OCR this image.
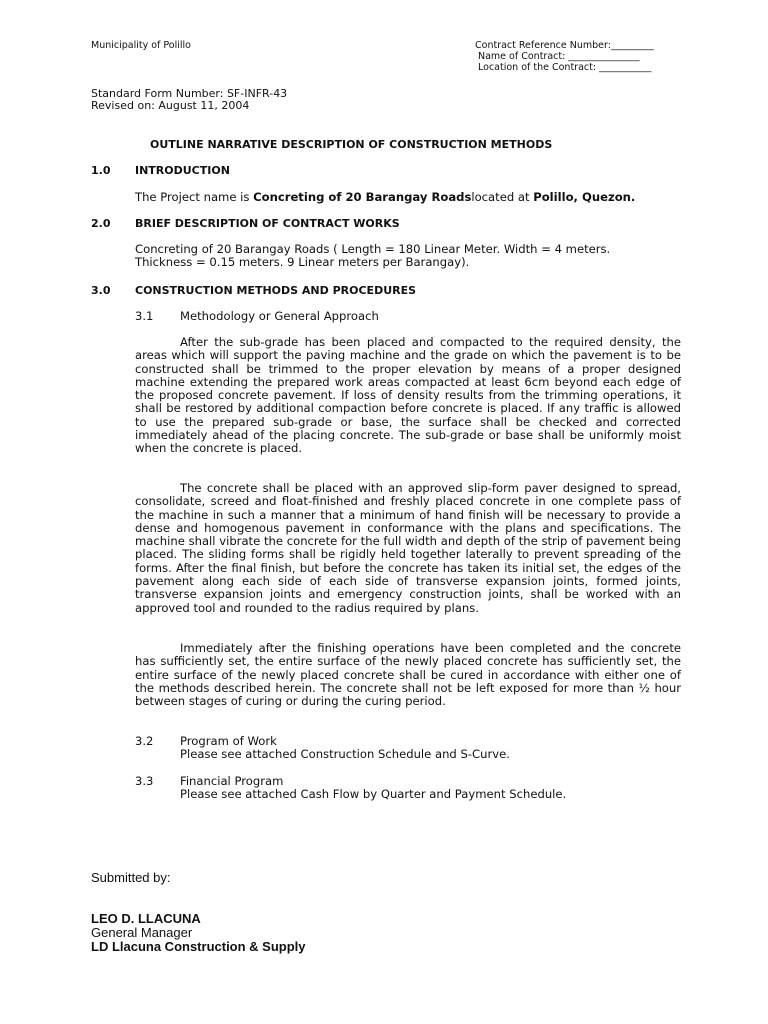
Municipality of Polillo	Contract Reference Number:_________
Name of Contract: _______________
Location of the Contract: ___________
Standard Form Number: SF-INFR-43
Revised on: August 11, 2004
OUTLINE NARRATIVE DESCRIPTION OF CONSTRUCTION METHODS
1.0 INTRODUCTION
The Project name is Concreting of 20 Barangay Roadslocated at Polillo, Quezon.
2.0 BRIEF DESCRIPTION OF CONTRACT WORKS
Concreting of 20 Barangay Roads ( Length = 180 Linear Meter. Width = 4 meters.
Thickness = 0.15 meters. 9 Linear meters per Barangay).
3.0 CONSTRUCTION METHODS AND PROCEDURES
3.1 Methodology or General Approach

After the sub-grade has been placed and compacted to the required density, the areas which will support the paving machine and the grade on which the pavement is to be constructed shall be trimmed to the proper elevation by means of a proper designed machine extending the prepared work areas compacted at least 6cm beyond each edge of the proposed concrete pavement. If loss of density results from the trimming operations, it shall be restored by additional compaction before concrete is placed. If any traffic is allowed to use the prepared sub-grade or base, the surface shall be checked and corrected immediately ahead of the placing concrete. The sub-grade or base shall be uniformly moist when the concrete is placed.

The concrete shall be placed with an approved slip-form paver designed to spread, consolidate, screed and float-finished and freshly placed concrete in one complete pass of the machine in such a manner that a minimum of hand finish will be necessary to provide a dense and homogenous pavement in conformance with the plans and specifications. The machine shall vibrate the concrete for the full width and depth of the strip of pavement being placed. The sliding forms shall be rigidly held together laterally to prevent spreading of the forms. After the final finish, but before the concrete has taken its initial set, the edges of the pavement along each side of each side of transverse expansion joints, formed joints, transverse expansion joints and emergency construction joints, shall be worked with an approved tool and rounded to the radius required by plans.

Immediately after the finishing operations have been completed and the concrete has sufficiently set, the entire surface of the newly placed concrete has sufficiently set, the entire surface of the newly placed concrete shall be cured in accordance with either one of the methods described herein. The concrete shall not be left exposed for more than ½ hour between stages of curing or during the curing period.

3.2 Program of Work
Please see attached Construction Schedule and S-Curve.
3.3 Financial Program
Please see attached Cash Flow by Quarter and Payment Schedule.
Submitted by:
LEO D. LLACUNA
General Manager
LD Llacuna Construction & Supply
